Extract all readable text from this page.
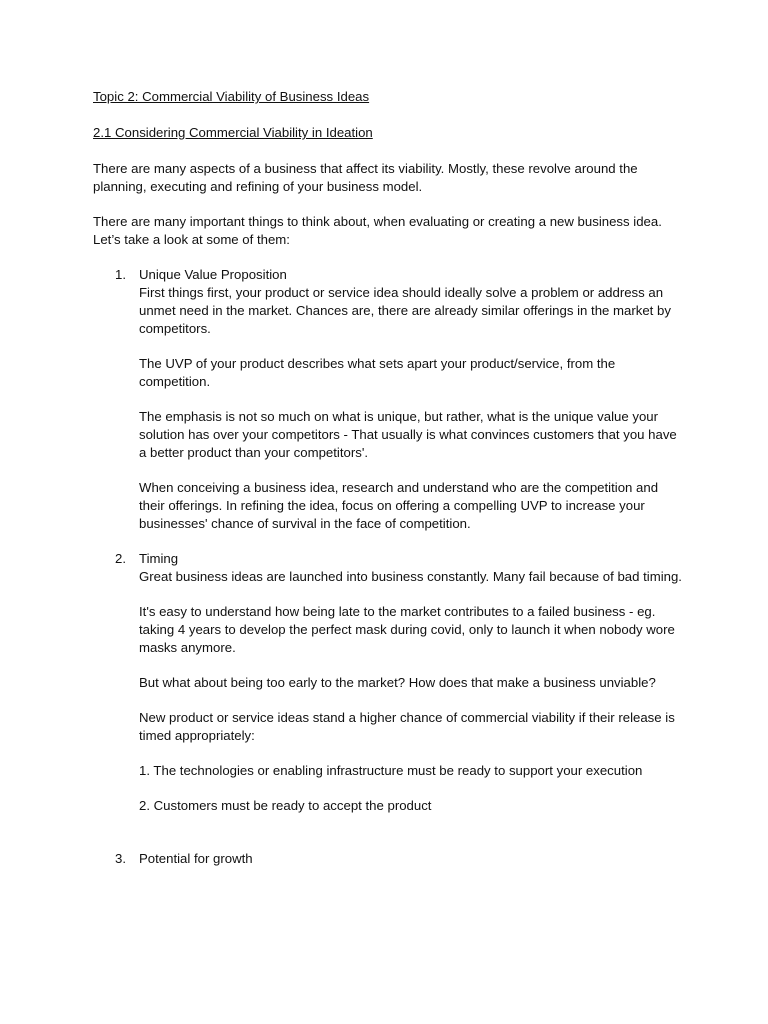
Topic 2: Commercial Viability of Business Ideas

2.1 Considering Commercial Viability in Ideation

There are many aspects of a business that affect its viability. Mostly, these revolve around the planning, executing and refining of your business model.

There are many important things to think about, when evaluating or creating a new business idea. Let’s take a look at some of them:

1. Unique Value Proposition

First things first, your product or service idea should ideally solve a problem or address an unmet need in the market. Chances are, there are already similar offerings in the market by competitors.

The UVP of your product describes what sets apart your product/service, from the competition.

The emphasis is not so much on what is unique, but rather, what is the unique value your solution has over your competitors - That usually is what convinces customers that you have a better product than your competitors'.

When conceiving a business idea, research and understand who are the competition and their offerings. In refining the idea, focus on offering a compelling UVP to increase your businesses' chance of survival in the face of competition.

2. Timing

Great business ideas are launched into business constantly. Many fail because of bad timing.

It's easy to understand how being late to the market contributes to a failed business - eg. taking 4 years to develop the perfect mask during covid, only to launch it when nobody wore masks anymore.

But what about being too early to the market? How does that make a business unviable?

New product or service ideas stand a higher chance of commercial viability if their release is timed appropriately:

1. The technologies or enabling infrastructure must be ready to support your execution

2. Customers must be ready to accept the product

3. Potential for growth
